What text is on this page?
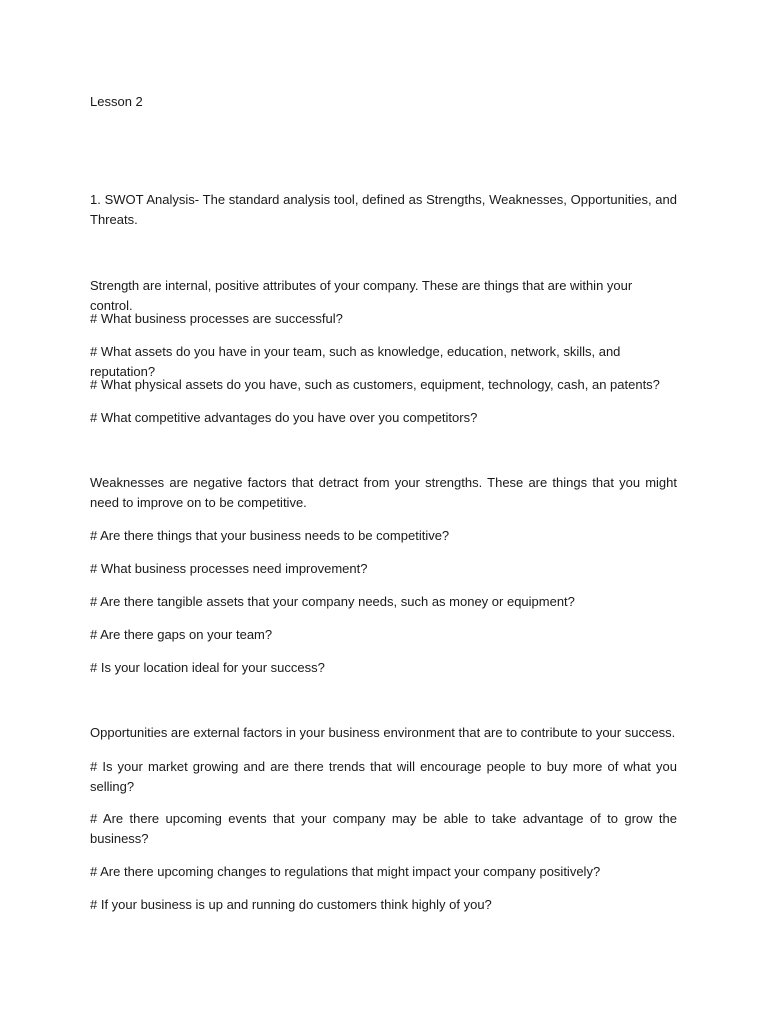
Lesson 2

1. SWOT Analysis- The standard analysis tool, defined as Strengths, Weaknesses, Opportunities, and Threats.

Strength are internal, positive attributes of your company. These are things that are within your control.

# What business processes are successful?

# What assets do you have in your team, such as knowledge, education, network, skills, and reputation?

# What physical assets do you have, such as customers, equipment, technology, cash, an patents?

# What competitive advantages do you have over you competitors?

Weaknesses are negative factors that detract from your strengths. These are things that you might need to improve on to be competitive.

# Are there things that your business needs to be competitive?

# What business processes need improvement?

# Are there tangible assets that your company needs, such as money or equipment?

# Are there gaps on your team?

# Is your location ideal for your success?

Opportunities are external factors in your business environment that are to contribute to your success.

# Is your market growing and are there trends that will encourage people to buy more of what you selling?

# Are there upcoming events that your company may be able to take advantage of to grow the business?

# Are there upcoming changes to regulations that might impact your company positively?

# If your business is up and running do customers think highly of you?
